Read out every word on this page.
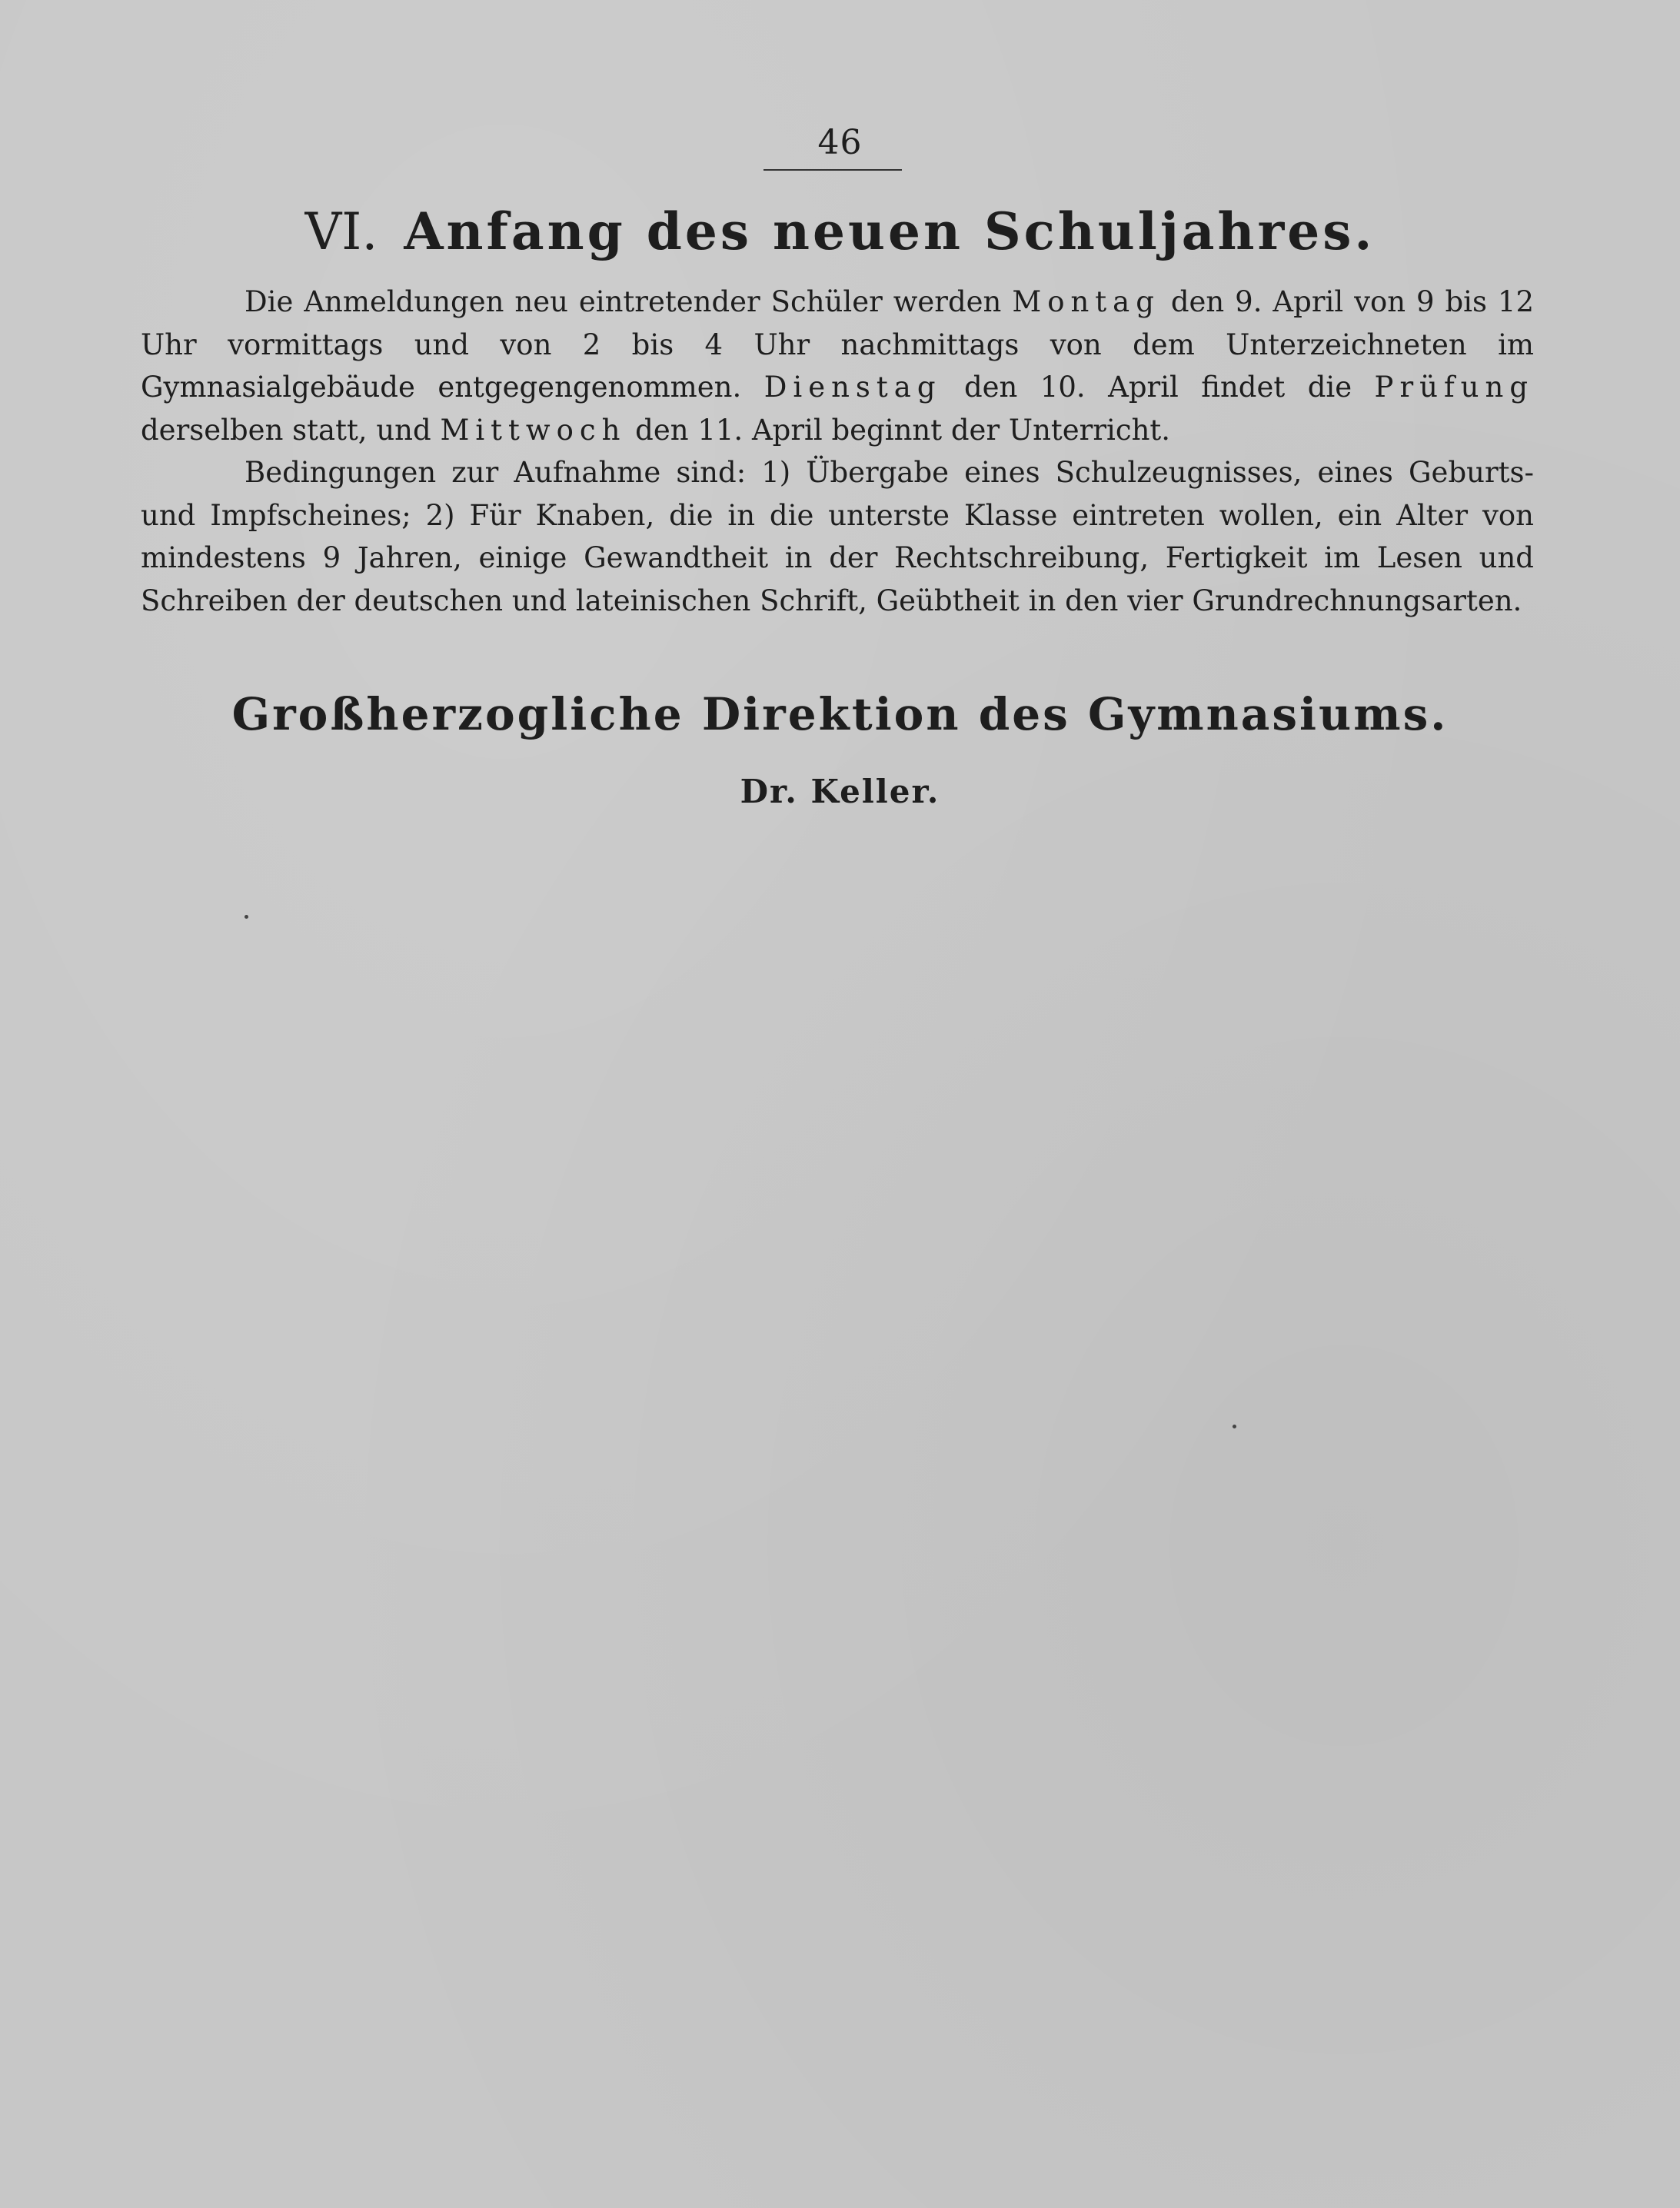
46
VI. Anfang des neuen Schuljahres.

Die Anmeldungen neu eintretender Schüler werden Montag den 9. April von 9 bis 12 Uhr vormittags und von 2 bis 4 Uhr nachmittags von dem Unterzeichneten im Gymnasialgebäude entgegengenommen. Dienstag den 10. April findet die Prüfung derselben statt, und Mittwoch den 11. April beginnt der Unterricht.

Bedingungen zur Aufnahme sind: 1) Übergabe eines Schulzeugnisses, eines Geburts- und Impfscheines; 2) Für Knaben, die in die unterste Klasse eintreten wollen, ein Alter von mindestens 9 Jahren, einige Gewandtheit in der Rechtschreibung, Fertigkeit im Lesen und Schreiben der deutschen und lateinischen Schrift, Geübtheit in den vier Grundrechnungsarten.

Großherzogliche Direktion des Gymnasiums.
Dr. Keller.
